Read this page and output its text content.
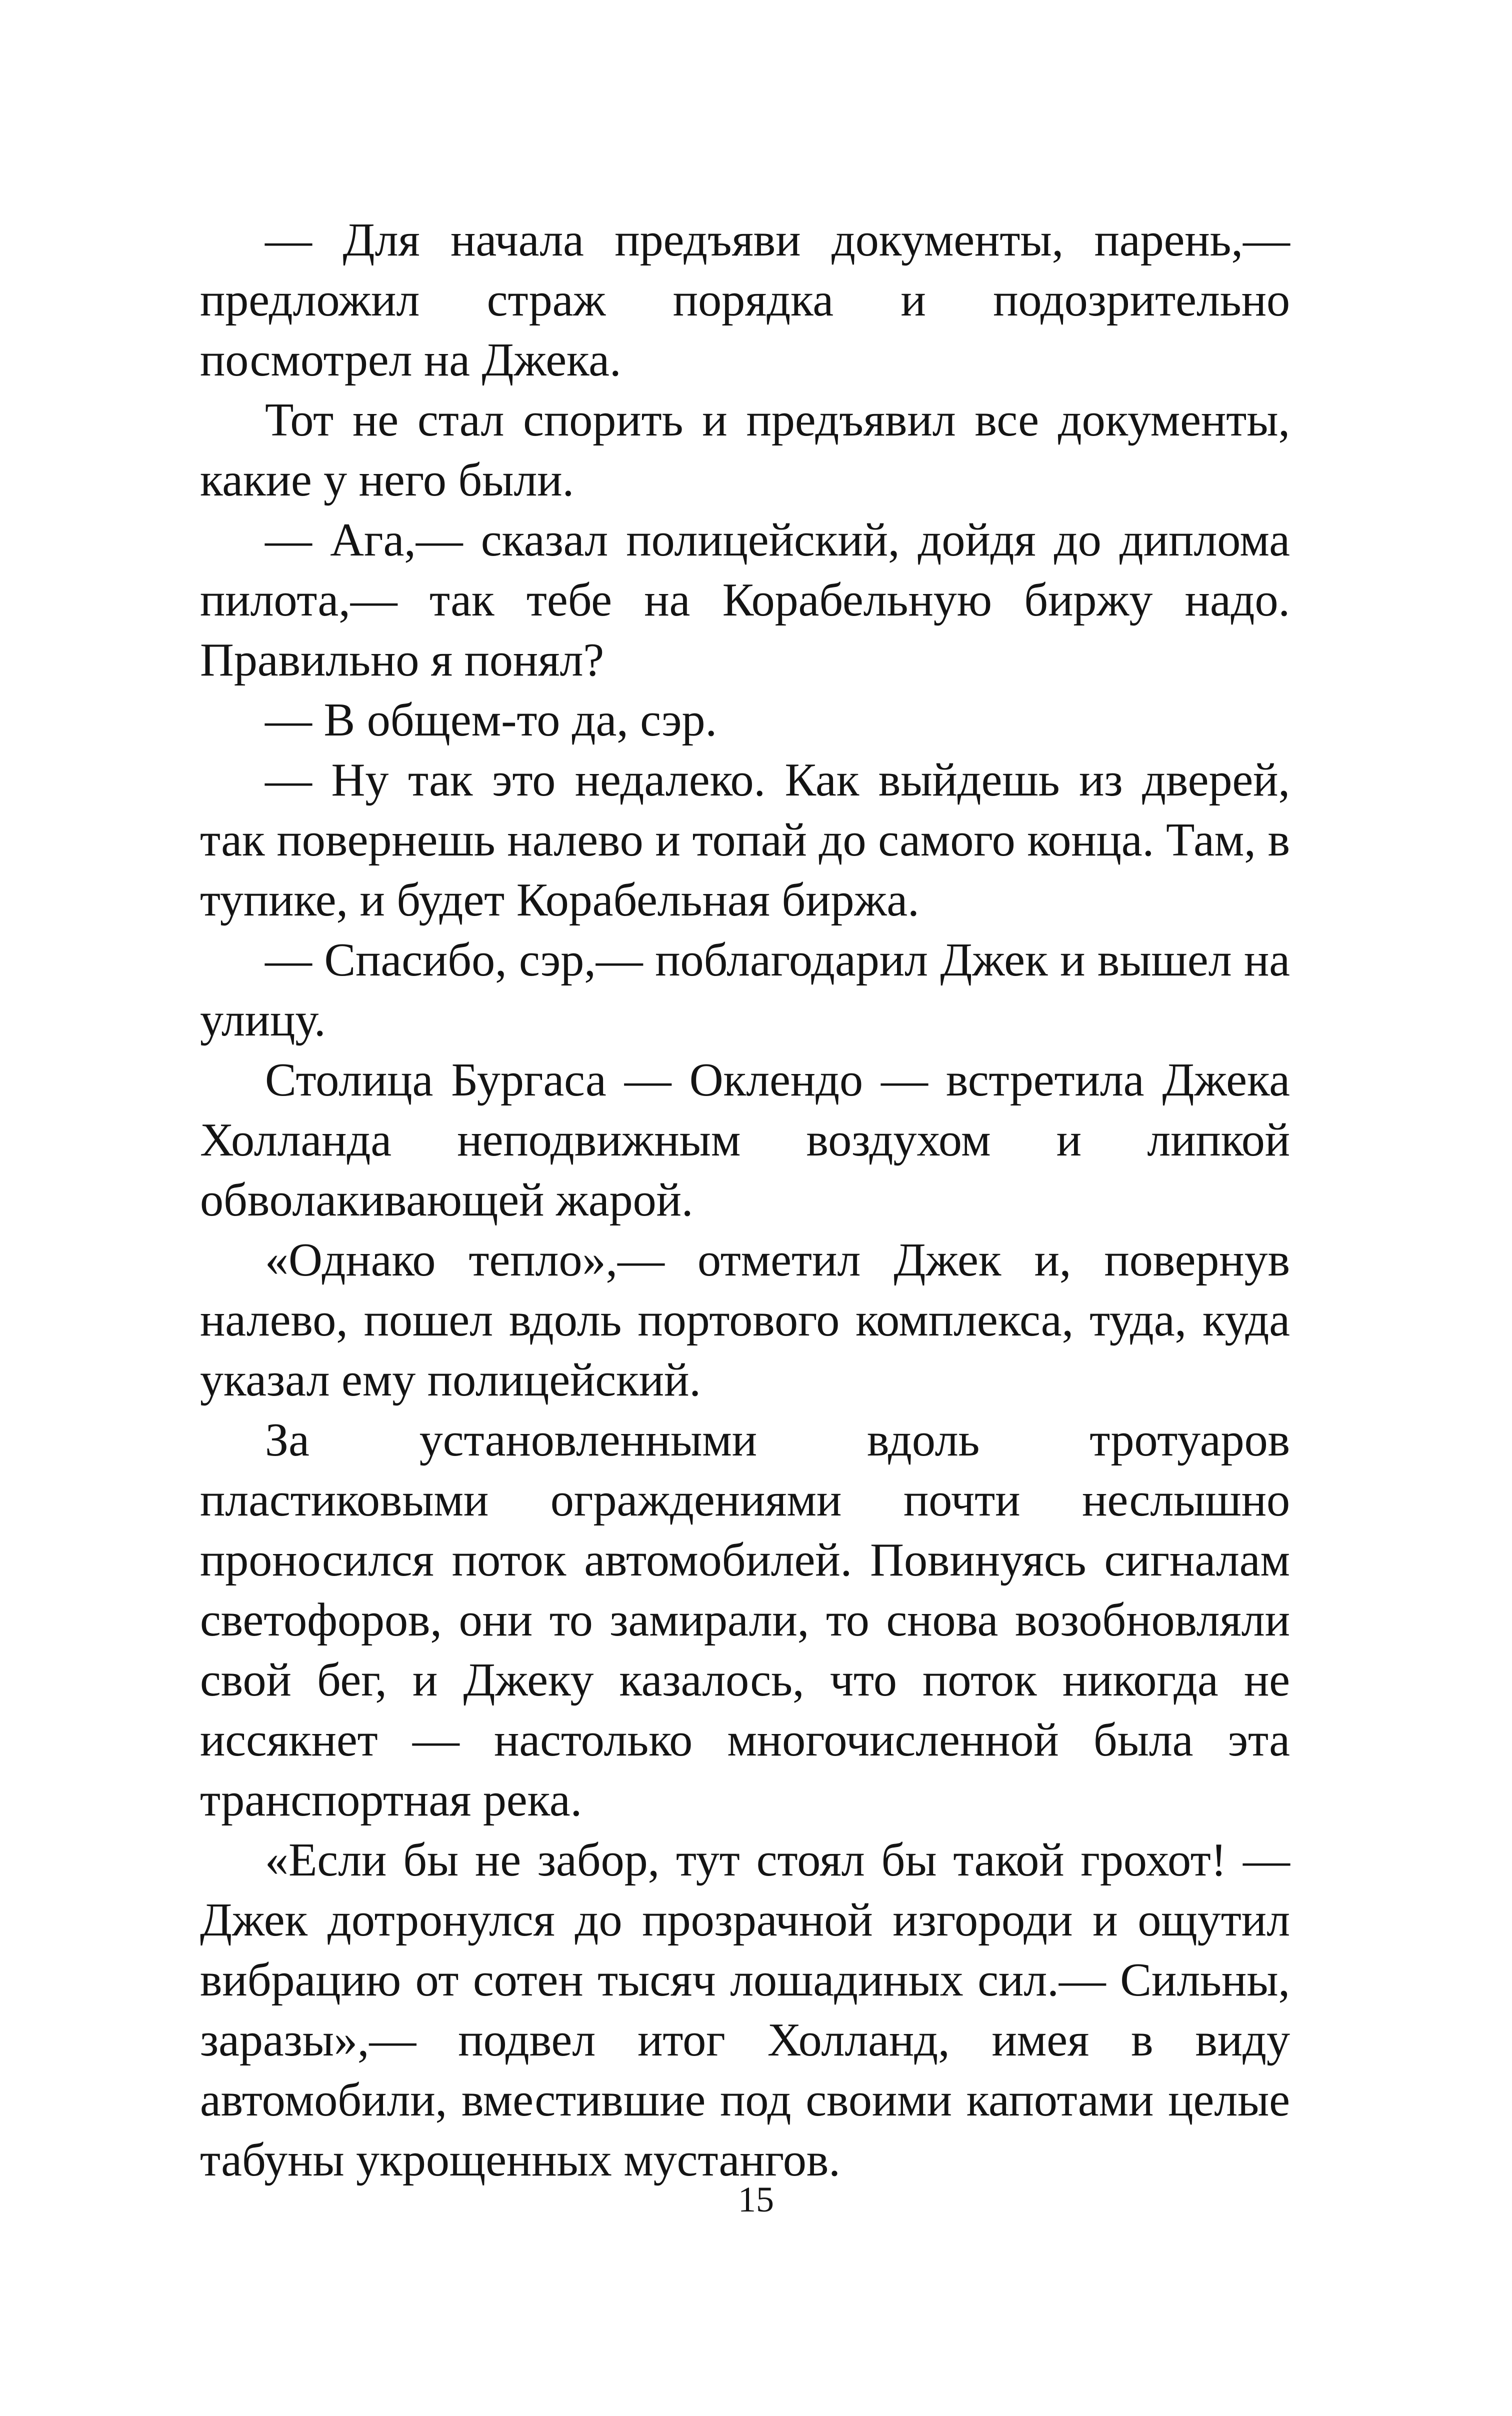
— Для начала предъяви документы, парень,— предложил страж порядка и подозрительно посмотрел на Джека.

Тот не стал спорить и предъявил все документы, какие у него были.

— Ага,— сказал полицейский, дойдя до диплома пилота,— так тебе на Корабельную биржу надо. Правильно я понял?

— В общем-то да, сэр.

— Ну так это недалеко. Как выйдешь из дверей, так повернешь налево и топай до самого конца. Там, в тупике, и будет Корабельная биржа.

— Спасибо, сэр,— поблагодарил Джек и вышел на улицу.

Столица Бургаса — Оклендо — встретила Джека Холланда неподвижным воздухом и липкой обволакивающей жарой.

«Однако тепло»,— отметил Джек и, повернув налево, пошел вдоль портового комплекса, туда, куда указал ему полицейский.

За установленными вдоль тротуаров пластиковыми ограждениями почти неслышно проносился поток автомобилей. Повинуясь сигналам светофоров, они то замирали, то снова возобновляли свой бег, и Джеку казалось, что поток никогда не иссякнет — настолько многочисленной была эта транспортная река.

«Если бы не забор, тут стоял бы такой грохот! — Джек дотронулся до прозрачной изгороди и ощутил вибрацию от сотен тысяч лошадиных сил.— Сильны, заразы»,— подвел итог Холланд, имея в виду автомобили, вместившие под своими капотами целые табуны укрощенных мустангов.

15
